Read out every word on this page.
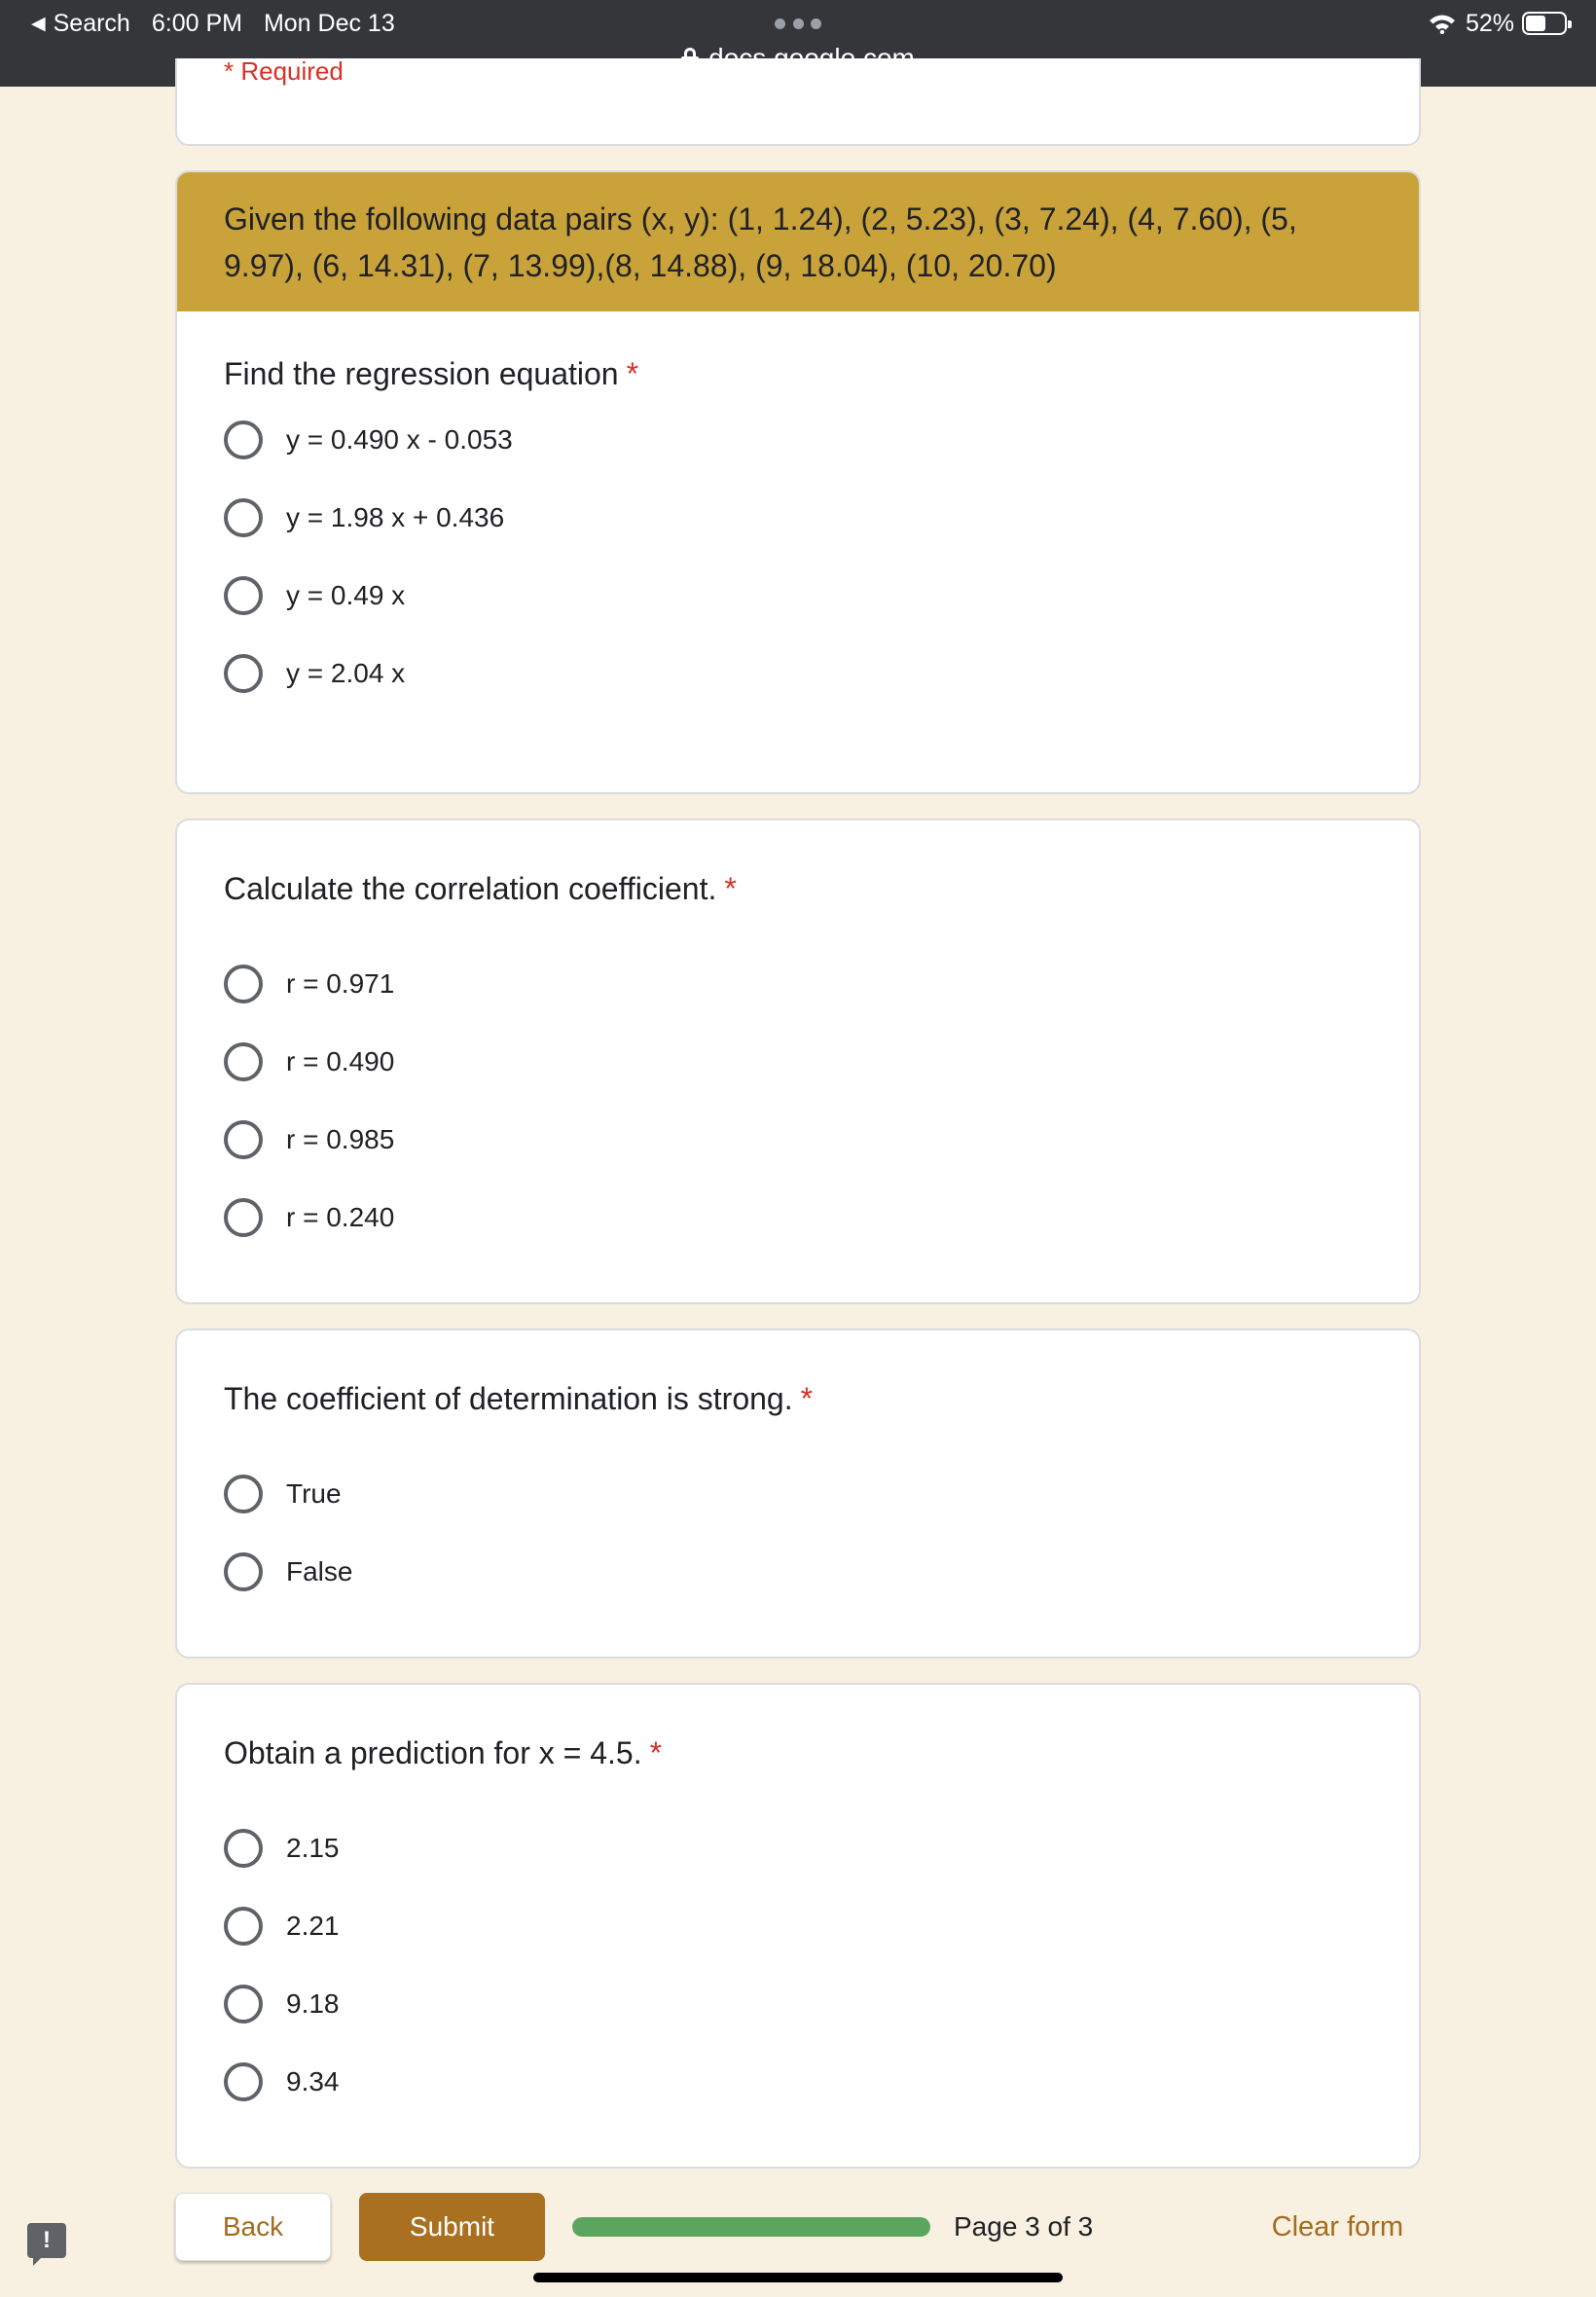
◀ Search 6:00 PM Mon Dec 13	52%
* Required
Given the following data pairs (x, y): (1, 1.24), (2, 5.23), (3, 7.24), (4, 7.60), (5, 9.97), (6, 14.31), (7, 13.99),(8, 14.88), (9, 18.04), (10, 20.70)
Find the regression equation *
y = 0.490 x - 0.053
y = 1.98 x + 0.436
y = 0.49 x
y = 2.04 x
Calculate the correlation coefficient. *
r = 0.971
r = 0.490
r = 0.985
r = 0.240
The coefficient of determination is strong. *
True
False
Obtain a prediction for x = 4.5. *
2.15
2.21
9.18
9.34
!	Back	Submit	Page 3 of 3	Clear form
